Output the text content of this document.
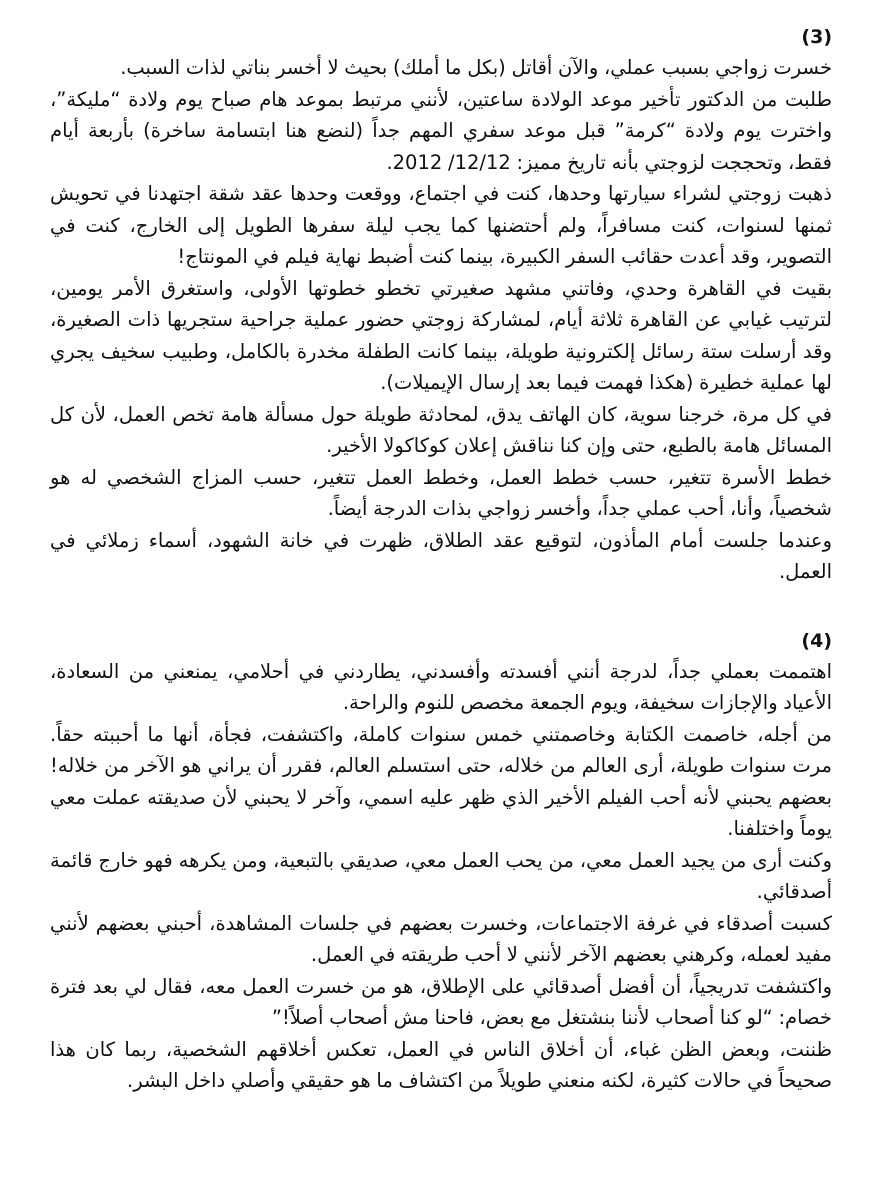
(3)

خسرت زواجي بسبب عملي، والآن أقاتل (بكل ما أملك) بحيث لا أخسر بناتي لذات السبب.

طلبت من الدكتور تأخير موعد الولادة ساعتين، لأنني مرتبط بموعد هام صباح يوم ولادة “مليكة”، واخترت يوم ولادة “كرمة” قبل موعد سفري المهم جداً (لنضع هنا ابتسامة ساخرة) بأربعة أيام فقط، وتحججت لزوجتي بأنه تاريخ مميز: 12/12/ 2012.

ذهبت زوجتي لشراء سيارتها وحدها، كنت في اجتماع، ووقعت وحدها عقد شقة اجتهدنا في تحويش ثمنها لسنوات، كنت مسافراً، ولم أحتضنها كما يجب ليلة سفرها الطويل إلى الخارج، كنت في التصوير، وقد أعدت حقائب السفر الكبيرة، بينما كنت أضبط نهاية فيلم في المونتاج!

بقيت في القاهرة وحدي، وفاتني مشهد صغيرتي تخطو خطوتها الأولى، واستغرق الأمر يومين، لترتيب غيابي عن القاهرة ثلاثة أيام، لمشاركة زوجتي حضور عملية جراحية ستجريها ذات الصغيرة، وقد أرسلت ستة رسائل إلكترونية طويلة، بينما كانت الطفلة مخدرة بالكامل، وطبيب سخيف يجري لها عملية خطيرة (هكذا فهمت فيما بعد إرسال الإيميلات).

في كل مرة، خرجنا سوية، كان الهاتف يدق، لمحادثة طويلة حول مسألة هامة تخص العمل، لأن كل المسائل هامة بالطبع، حتى وإن كنا نناقش إعلان كوكاكولا الأخير.

خطط الأسرة تتغير، حسب خطط العمل، وخطط العمل تتغير، حسب المزاج الشخصي له هو شخصياً، وأنا، أحب عملي جداً، وأخسر زواجي بذات الدرجة أيضاً.

وعندما جلست أمام المأذون، لتوقيع عقد الطلاق، ظهرت في خانة الشهود، أسماء زملائي في العمل.

(4)

اهتممت بعملي جداً، لدرجة أنني أفسدته وأفسدني، يطاردني في أحلامي، يمنعني من السعادة، الأعياد والإجازات سخيفة، ويوم الجمعة مخصص للنوم والراحة.

من أجله، خاصمت الكتابة وخاصمتني خمس سنوات كاملة، واكتشفت، فجأة، أنها ما أحببته حقاً. مرت سنوات طويلة، أرى العالم من خلاله، حتى استسلم العالم، فقرر أن يراني هو الآخر من خلاله! بعضهم يحبني لأنه أحب الفيلم الأخير الذي ظهر عليه اسمي، وآخر لا يحبني لأن صديقته عملت معي يوماً واختلفنا.

وكنت أرى من يجيد العمل معي، من يحب العمل معي، صديقي بالتبعية، ومن يكرهه فهو خارج قائمة أصدقائي.

كسبت أصدقاء في غرفة الاجتماعات، وخسرت بعضهم في جلسات المشاهدة، أحبني بعضهم لأنني مفيد لعمله، وكرهني بعضهم الآخر لأنني لا أحب طريقته في العمل.

واكتشفت تدريجياً، أن أفضل أصدقائي على الإطلاق، هو من خسرت العمل معه، فقال لي بعد فترة خصام: “لو كنا أصحاب لأننا بنشتغل مع بعض، فاحنا مش أصحاب أصلاً!”

ظننت، وبعض الظن غباء، أن أخلاق الناس في العمل، تعكس أخلاقهم الشخصية، ربما كان هذا صحيحاً في حالات كثيرة، لكنه منعني طويلاً من اكتشاف ما هو حقيقي وأصلي داخل البشر.
